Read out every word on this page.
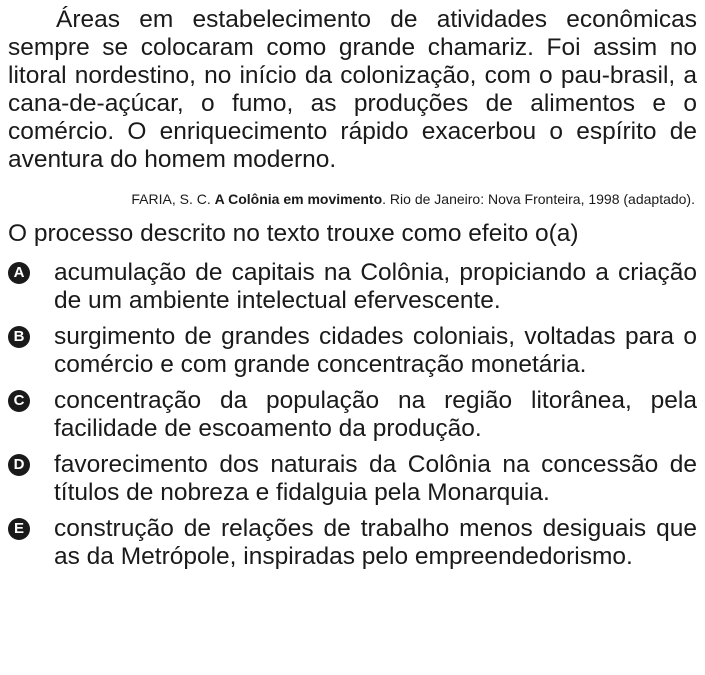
Áreas em estabelecimento de atividades econômicas sempre se colocaram como grande chamariz. Foi assim no litoral nordestino, no início da colonização, com o pau-brasil, a cana-de-açúcar, o fumo, as produções de alimentos e o comércio. O enriquecimento rápido exacerbou o espírito de aventura do homem moderno.

FARIA, S. C. A Colônia em movimento. Rio de Janeiro: Nova Fronteira, 1998 (adaptado).

O processo descrito no texto trouxe como efeito o(a)

A acumulação de capitais na Colônia, propiciando a criação de um ambiente intelectual efervescente.
B surgimento de grandes cidades coloniais, voltadas para o comércio e com grande concentração monetária.
C concentração da população na região litorânea, pela facilidade de escoamento da produção.
D favorecimento dos naturais da Colônia na concessão de títulos de nobreza e fidalguia pela Monarquia.
E construção de relações de trabalho menos desiguais que as da Metrópole, inspiradas pelo empreendedorismo.
